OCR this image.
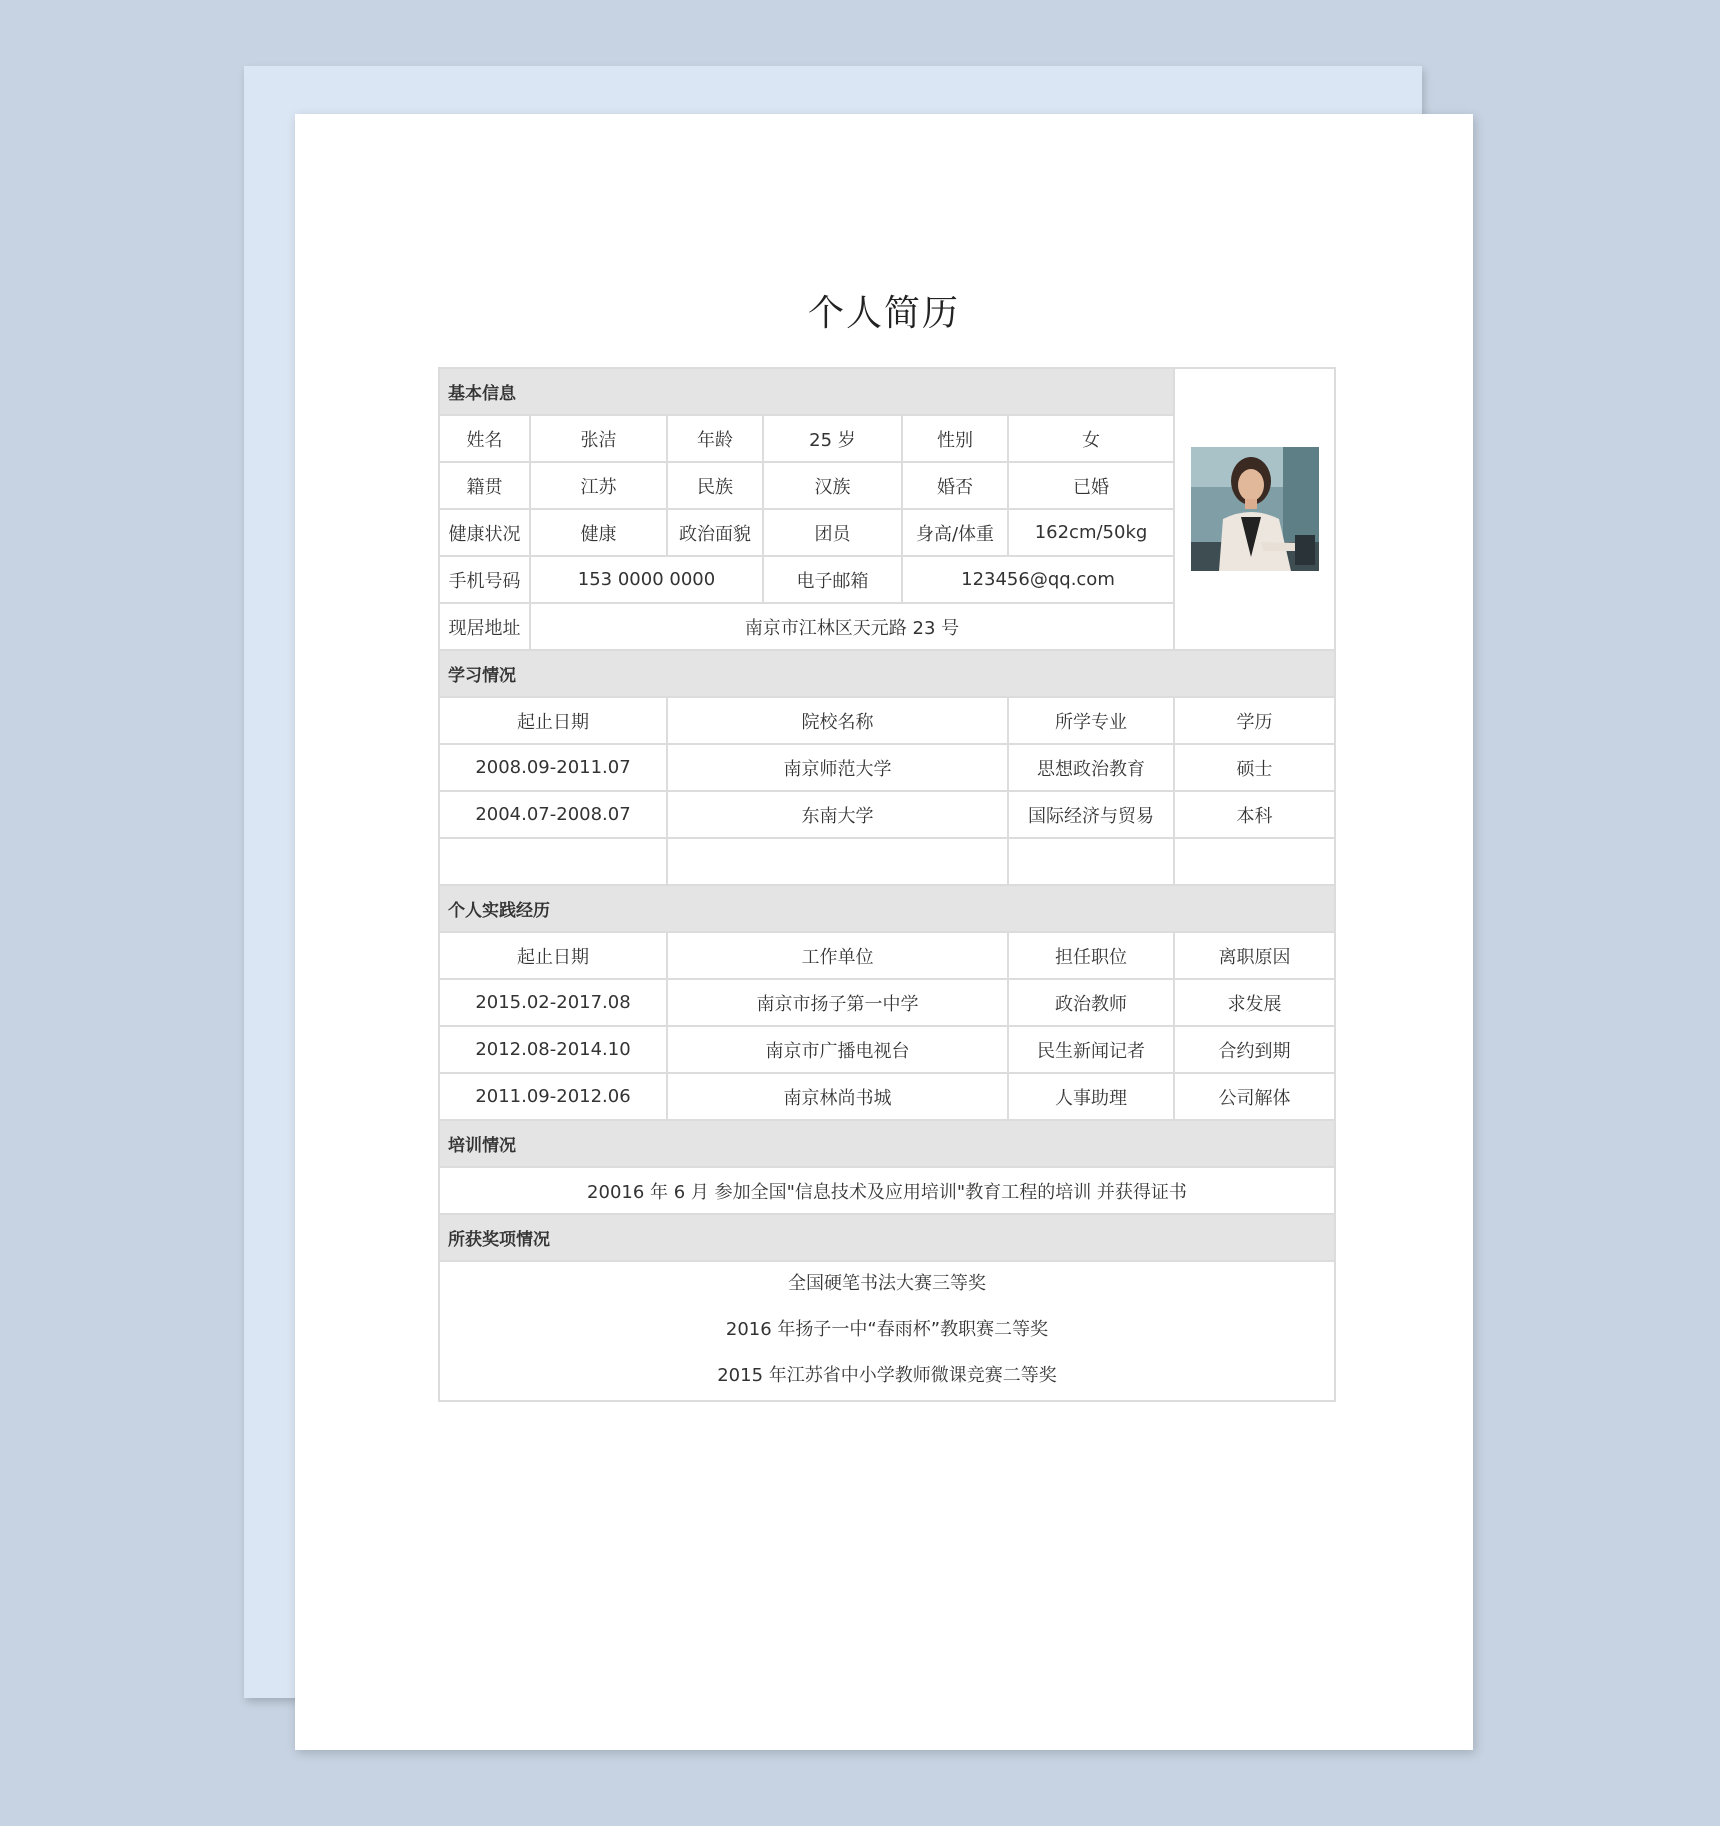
个人简历
基本信息	

姓名	张洁	年龄	25 岁	性别	女	
籍贯	江苏	民族	汉族	婚否	已婚	
健康状况	健康	政治面貌	团员	身高/体重	162cm/50kg	
手机号码	153 0000 0000		电子邮箱	123456@qq.com		
现居地址	南京市江林区天元路 23 号					
学习情况						
起止日期		院校名称			所学专业	学历
2008.09-2011.07		南京师范大学			思想政治教育	硕士
2004.07-2008.07		东南大学			国际经济与贸易	本科

个人实践经历						
起止日期		工作单位			担任职位	离职原因
2015.02-2017.08		南京市扬子第一中学			政治教师	求发展
2012.08-2014.10		南京市广播电视台			民生新闻记者	合约到期
2011.09-2012.06		南京林尚书城			人事助理	公司解体
培训情况						
20016 年 6 月 参加全国"信息技术及应用培训"教育工程的培训 并获得证书						
所获奖项情况						

全国硬笔书法大赛三等奖
2016 年扬子一中“春雨杯”教职赛二等奖
2015 年江苏省中小学教师微课竞赛二等奖						
